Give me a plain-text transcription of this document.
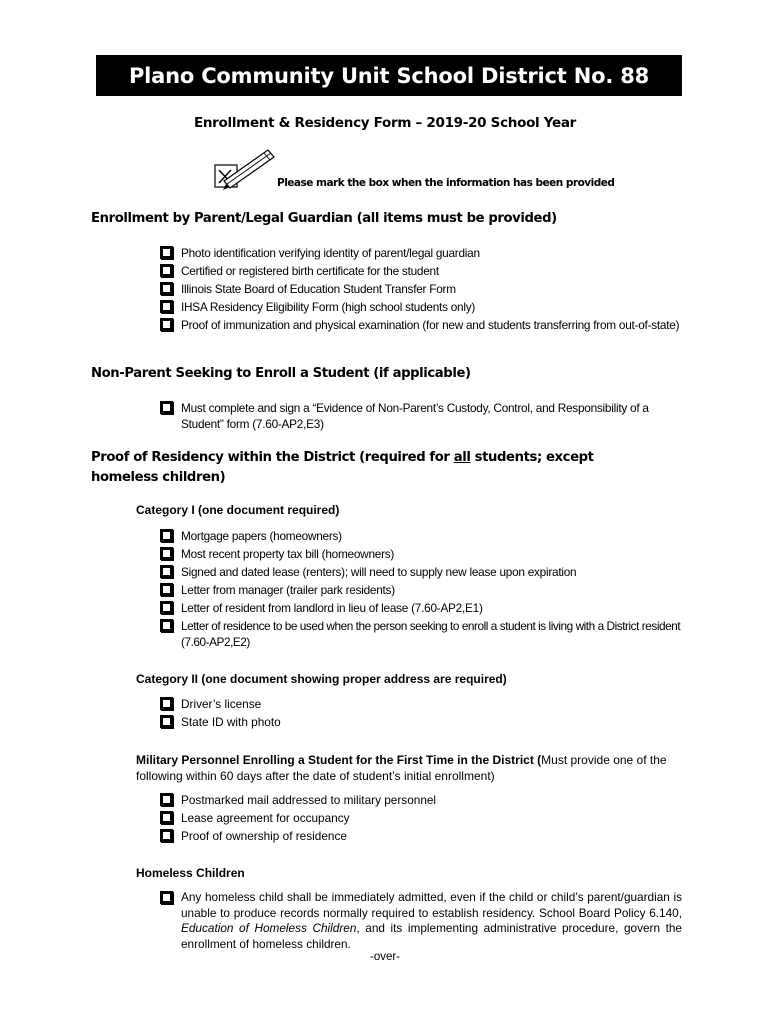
Plano Community Unit School District No. 88
Enrollment & Residency Form – 2019-20 School Year
Please mark the box when the information has been provided
Enrollment by Parent/Legal Guardian (all items must be provided)
Photo identification verifying identity of parent/legal guardian
Certified or registered birth certificate for the student
Illinois State Board of Education Student Transfer Form
IHSA Residency Eligibility Form (high school students only)
Proof of immunization and physical examination (for new and students transferring from out-of-state)
Non-Parent Seeking to Enroll a Student (if applicable)
Must complete and sign a “Evidence of Non-Parent’s Custody, Control, and Responsibility of a Student” form (7.60-AP2,E3)
Proof of Residency within the District (required for all students; except homeless children)
Category I (one document required)
Mortgage papers (homeowners)
Most recent property tax bill (homeowners)
Signed and dated lease (renters); will need to supply new lease upon expiration
Letter from manager (trailer park residents)
Letter of resident from landlord in lieu of lease (7.60-AP2,E1)
Letter of residence to be used when the person seeking to enroll a student is living with a District resident (7.60-AP2,E2)
Category II (one document showing proper address are required)
Driver’s license
State ID with photo
Military Personnel Enrolling a Student for the First Time in the District (Must provide one of the following within 60 days after the date of student’s initial enrollment)
Postmarked mail addressed to military personnel
Lease agreement for occupancy
Proof of ownership of residence
Homeless Children
Any homeless child shall be immediately admitted, even if the child or child’s parent/guardian is unable to produce records normally required to establish residency. School Board Policy 6.140, Education of Homeless Children, and its implementing administrative procedure, govern the enrollment of homeless children.
-over-
